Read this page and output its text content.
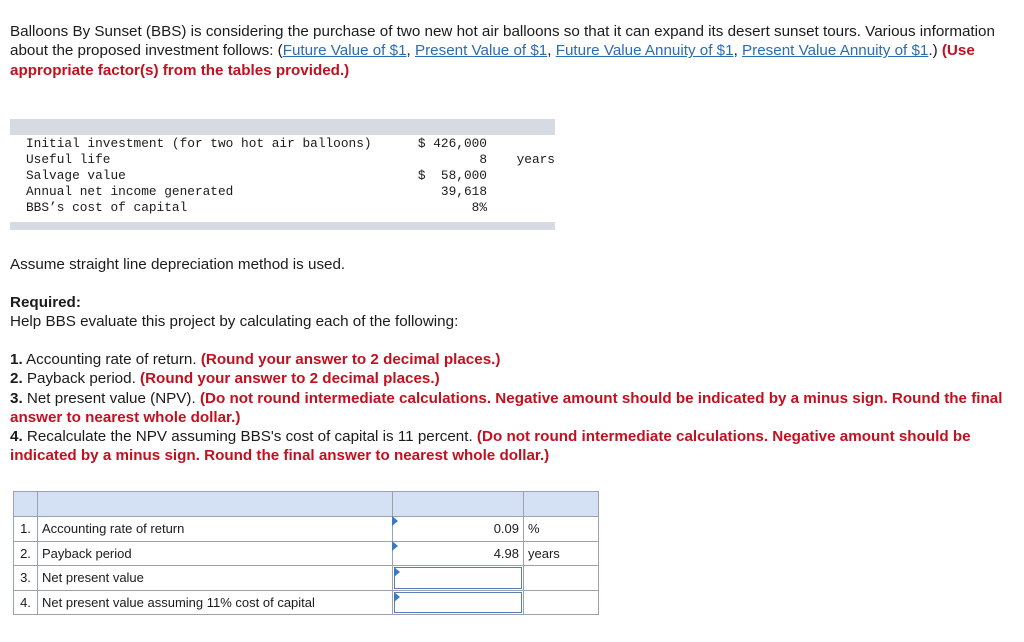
Balloons By Sunset (BBS) is considering the purchase of two new hot air balloons so that it can expand its desert sunset tours. Various information about the proposed investment follows: (Future Value of $1, Present Value of $1, Future Value Annuity of $1, Present Value Annuity of $1.) (Use appropriate factor(s) from the tables provided.)
Initial investment (for two hot air balloons)	$ 426,000
Useful life	8 years
Salvage value	$  58,000
Annual net income generated	39,618
BBS’s cost of capital	8%
Assume straight line depreciation method is used.
Required:
Help BBS evaluate this project by calculating each of the following:
1. Accounting rate of return. (Round your answer to 2 decimal places.)
2. Payback period. (Round your answer to 2 decimal places.)
3. Net present value (NPV). (Do not round intermediate calculations. Negative amount should be indicated by a minus sign. Round the final answer to nearest whole dollar.)
4. Recalculate the NPV assuming BBS's cost of capital is 11 percent. (Do not round intermediate calculations. Negative amount should be indicated by a minus sign. Round the final answer to nearest whole dollar.)

1.	Accounting rate of return	0.09	%
2.	Payback period	4.98	years
3.	Net present value	

4.	Net present value assuming 11% cost of capital	
